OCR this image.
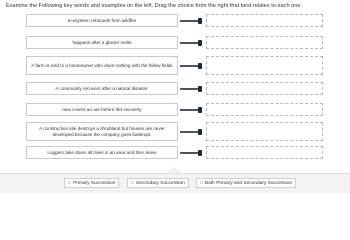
Examine the Following key words and examples on the left. Drag the choice from the right that best relates to each one.
ecosystem rebounds from wildfire
happens after a glacier melts
A farm is sold to a homeowner who does nothing with the fallow fields
A community recovers after a natural disaster.
lava covers an are before this recovery
A construction site destroys a shrubland but houses are never developed because the company goes bankrupt.
Loggers take down all trees in an area and then leave
⠿ Primary Succession	⠿ Secondary Succession	⠿ Both Primary and Secondary Succession
